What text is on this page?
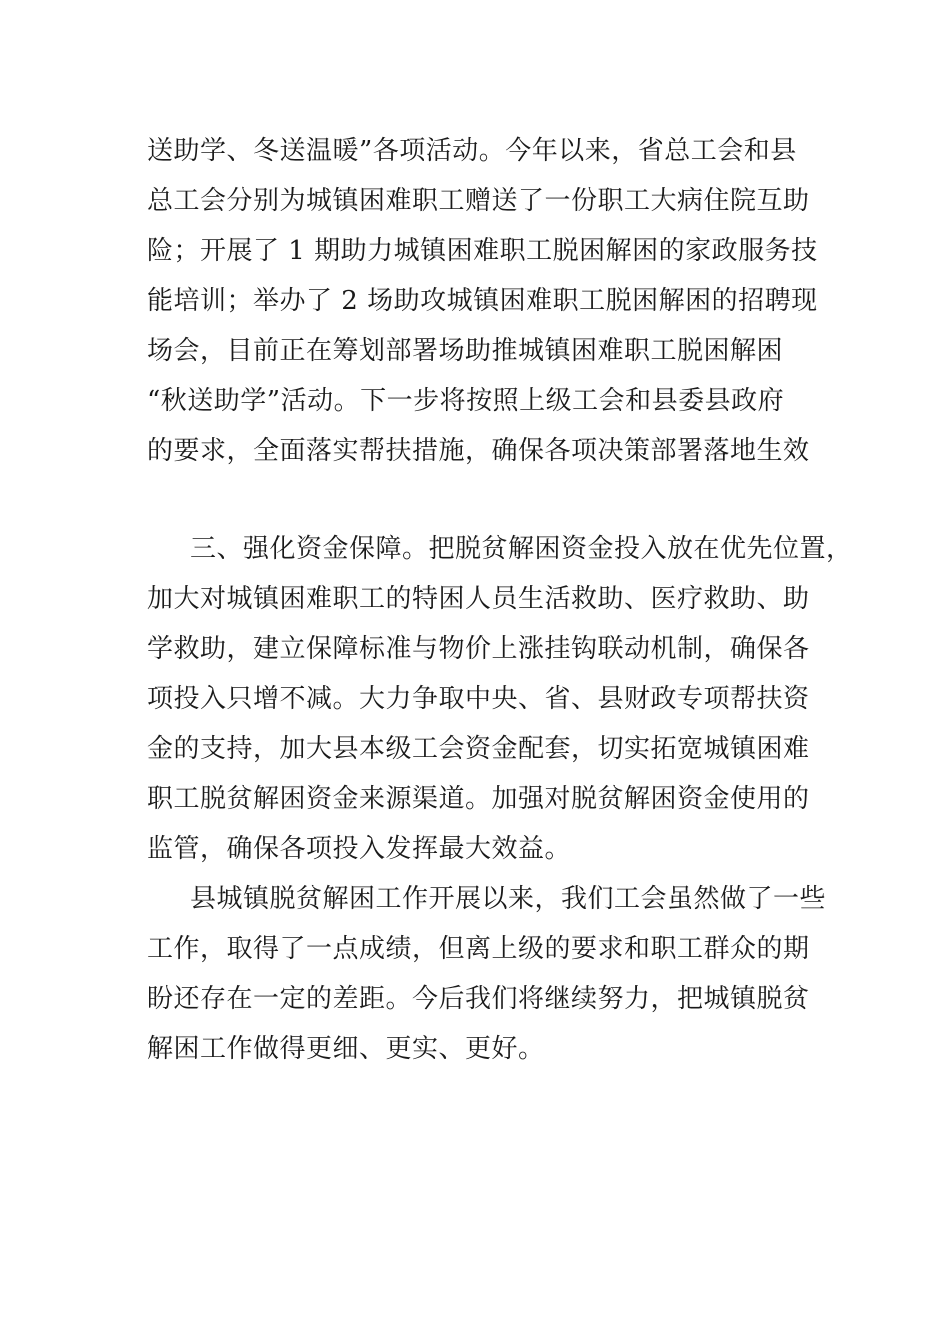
送助学、冬送温暖”各项活动。今年以来，省总工会和县
总工会分别为城镇困难职工赠送了一份职工大病住院互助
险；开展了 1 期助力城镇困难职工脱困解困的家政服务技
能培训；举办了 2 场助攻城镇困难职工脱困解困的招聘现
场会，目前正在筹划部署场助推城镇困难职工脱困解困
“秋送助学”活动。下一步将按照上级工会和县委县政府
的要求，全面落实帮扶措施，确保各项决策部署落地生效
三、强化资金保障。把脱贫解困资金投入放在优先位置，
加大对城镇困难职工的特困人员生活救助、医疗救助、助
学救助，建立保障标准与物价上涨挂钩联动机制，确保各
项投入只增不减。大力争取中央、省、县财政专项帮扶资
金的支持，加大县本级工会资金配套，切实拓宽城镇困难
职工脱贫解困资金来源渠道。加强对脱贫解困资金使用的
监管，确保各项投入发挥最大效益。
县城镇脱贫解困工作开展以来，我们工会虽然做了一些
工作，取得了一点成绩，但离上级的要求和职工群众的期
盼还存在一定的差距。今后我们将继续努力，把城镇脱贫
解困工作做得更细、更实、更好。
